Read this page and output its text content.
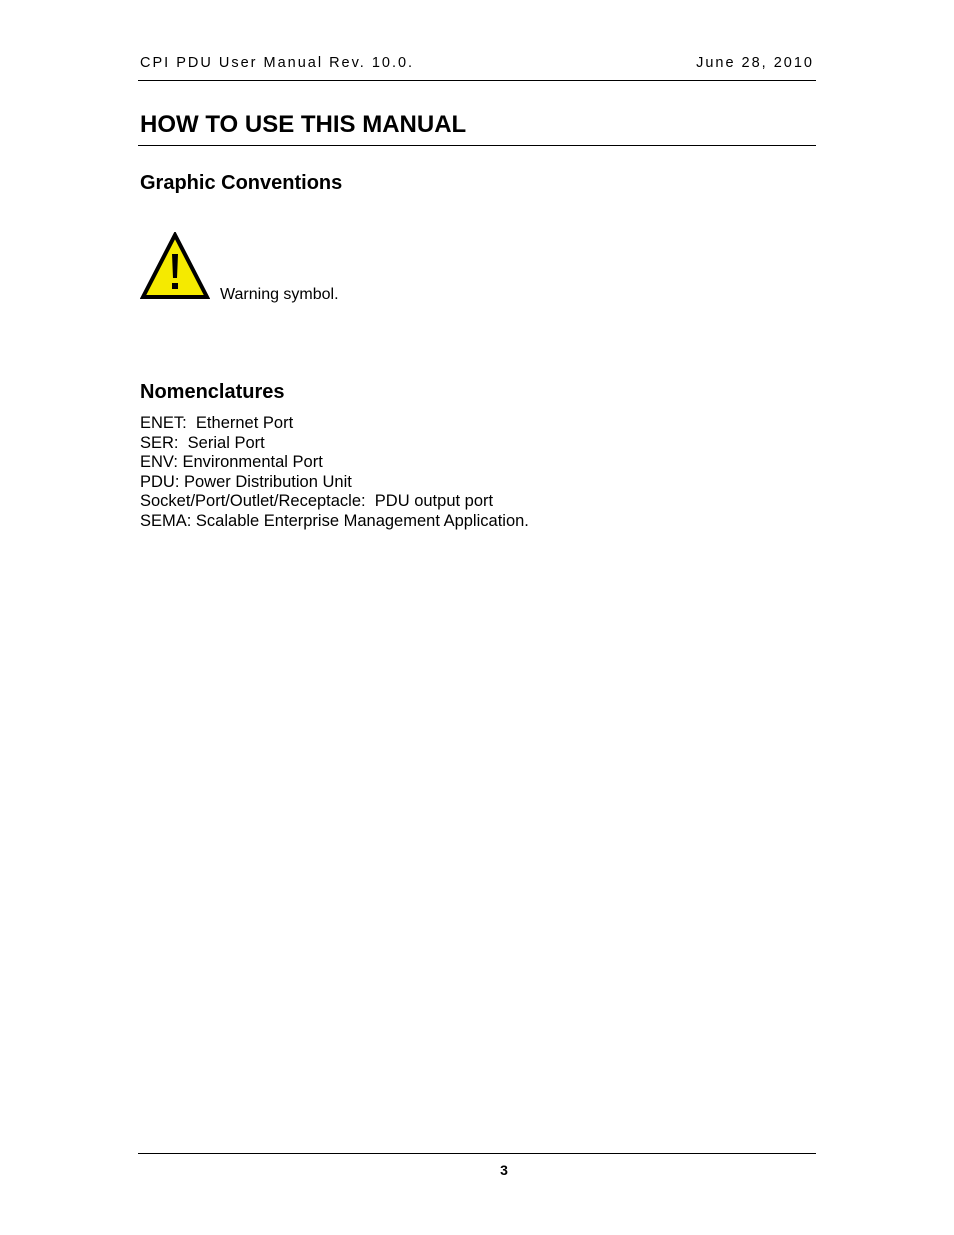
CPI PDU User Manual Rev. 10.0.	June 28, 2010
HOW TO USE THIS MANUAL
Graphic Conventions
Warning symbol.
Nomenclatures
ENET:  Ethernet Port
SER:  Serial Port
ENV: Environmental Port
PDU: Power Distribution Unit
Socket/Port/Outlet/Receptacle:  PDU output port
SEMA: Scalable Enterprise Management Application.
3
